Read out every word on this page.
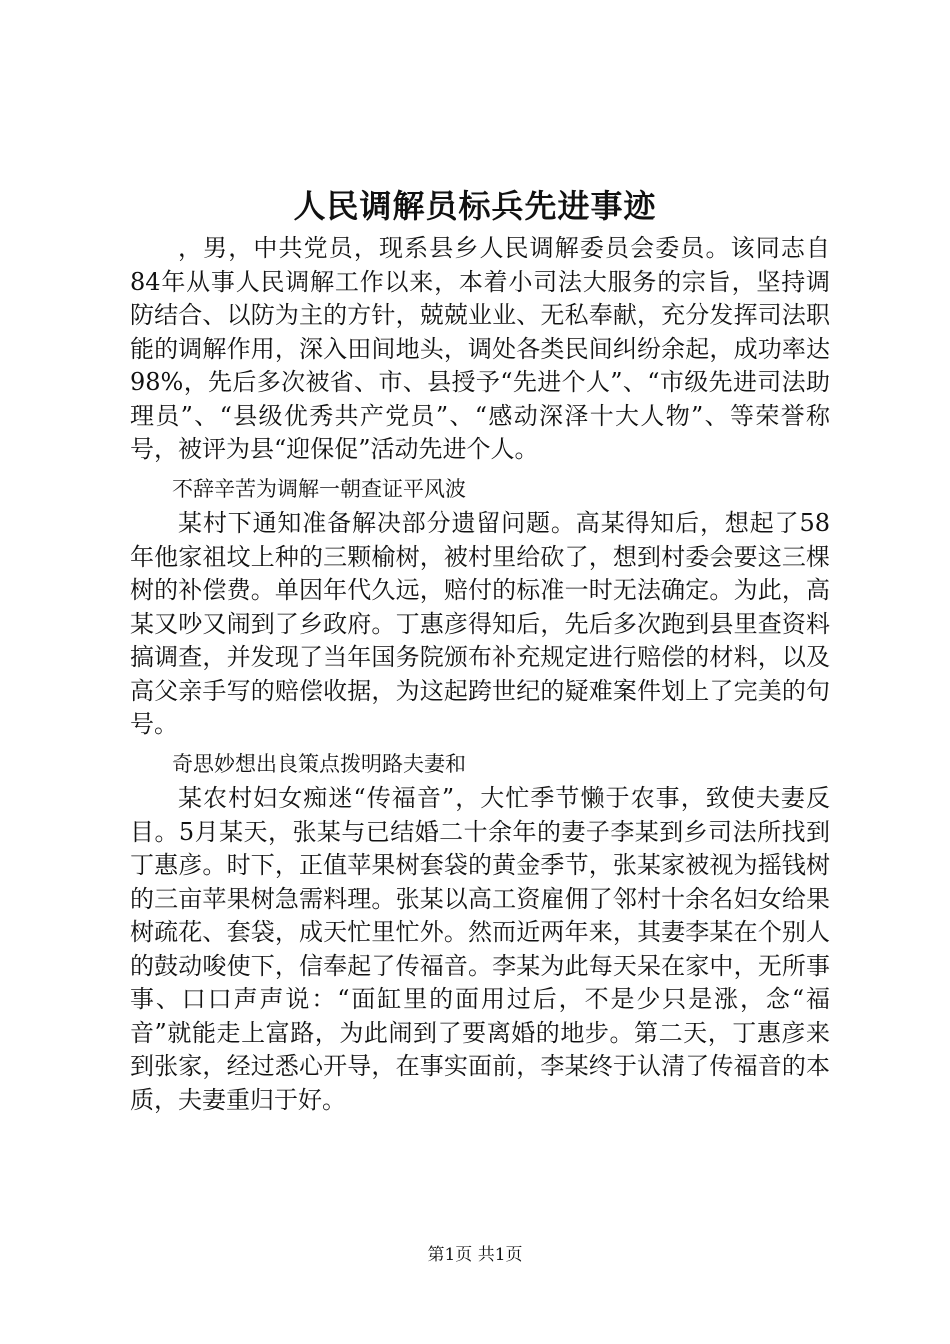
人民调解员标兵先进事迹

，男，中共党员，现系县乡人民调解委员会委员。该同志自84年从事人民调解工作以来，本着小司法大服务的宗旨，坚持调防结合、以防为主的方针，兢兢业业、无私奉献，充分发挥司法职能的调解作用，深入田间地头，调处各类民间纠纷余起，成功率达98%，先后多次被省、市、县授予“先进个人”、“市级先进司法助理员”、“县级优秀共产党员”、“感动深泽十大人物”、等荣誉称号，被评为县“迎保促”活动先进个人。

不辞辛苦为调解一朝查证平风波

某村下通知准备解决部分遗留问题。高某得知后，想起了58年他家祖坟上种的三颗榆树，被村里给砍了，想到村委会要这三棵树的补偿费。单因年代久远，赔付的标准一时无法确定。为此，高某又吵又闹到了乡政府。丁惠彦得知后，先后多次跑到县里查资料搞调查，并发现了当年国务院颁布补充规定进行赔偿的材料，以及高父亲手写的赔偿收据，为这起跨世纪的疑难案件划上了完美的句号。

奇思妙想出良策点拨明路夫妻和

某农村妇女痴迷“传福音”，大忙季节懒于农事，致使夫妻反目。5月某天，张某与已结婚二十余年的妻子李某到乡司法所找到丁惠彦。时下，正值苹果树套袋的黄金季节，张某家被视为摇钱树的三亩苹果树急需料理。张某以高工资雇佣了邻村十余名妇女给果树疏花、套袋，成天忙里忙外。然而近两年来，其妻李某在个别人的鼓动唆使下，信奉起了传福音。李某为此每天呆在家中，无所事事、口口声声说：“面缸里的面用过后，不是少只是涨，念“福音”就能走上富路，为此闹到了要离婚的地步。第二天，丁惠彦来到张家，经过悉心开导，在事实面前，李某终于认清了传福音的本质，夫妻重归于好。

第1页 共1页
